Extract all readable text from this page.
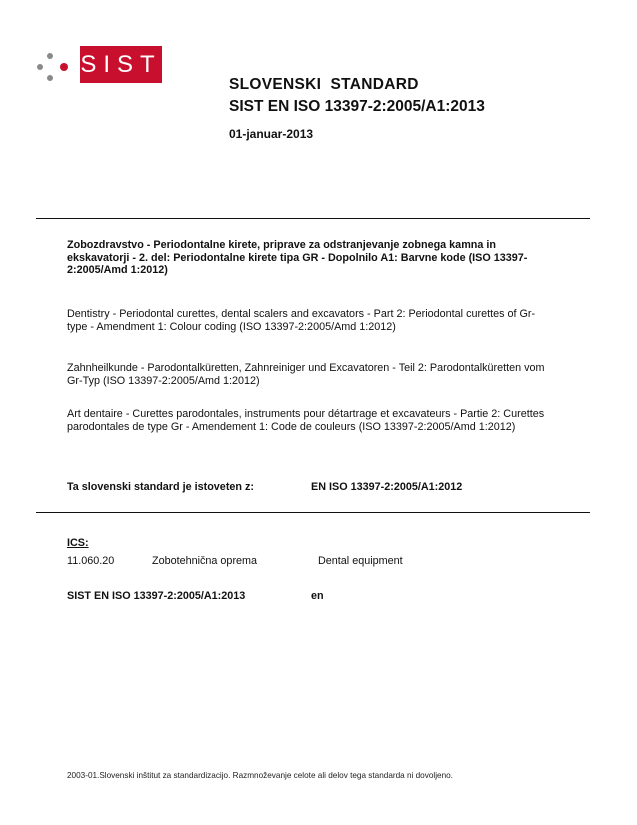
SIST
SLOVENSKI  STANDARD
SIST EN ISO 13397-2:2005/A1:2013
01-januar-2013
Zobozdravstvo - Periodontalne kirete, pripravе za odstranjevanje zobnega kamna in ekskavatorji - 2. del: Periodontalne kirete tipa GR - Dopolnilo A1: Barvne kode (ISO 13397-2:2005/Amd 1:2012)
Dentistry - Periodontal curettes, dental scalers and excavators - Part 2: Periodontal curettes of Gr-type - Amendment 1: Colour coding (ISO 13397-2:2005/Amd 1:2012)
Zahnheilkunde - Parodontalküretten, Zahnreiniger und Excavatoren - Teil 2: Parodontalküretten vom Gr-Typ (ISO 13397-2:2005/Amd 1:2012)
Art dentaire - Curettes parodontales, instruments pour détartrage et excavateurs - Partie 2: Curettes parodontales de type Gr - Amendement 1: Code de couleurs (ISO 13397-2:2005/Amd 1:2012)
Ta slovenski standard je istoveten z:	EN ISO 13397-2:2005/A1:2012
ICS:
11.060.20	Zobotehnična oprema	Dental equipment
SIST EN ISO 13397-2:2005/A1:2013	en
2003-01.Slovenski inštitut za standardizacijo. Razmnoževanje celote ali delov tega standarda ni dovoljeno.
